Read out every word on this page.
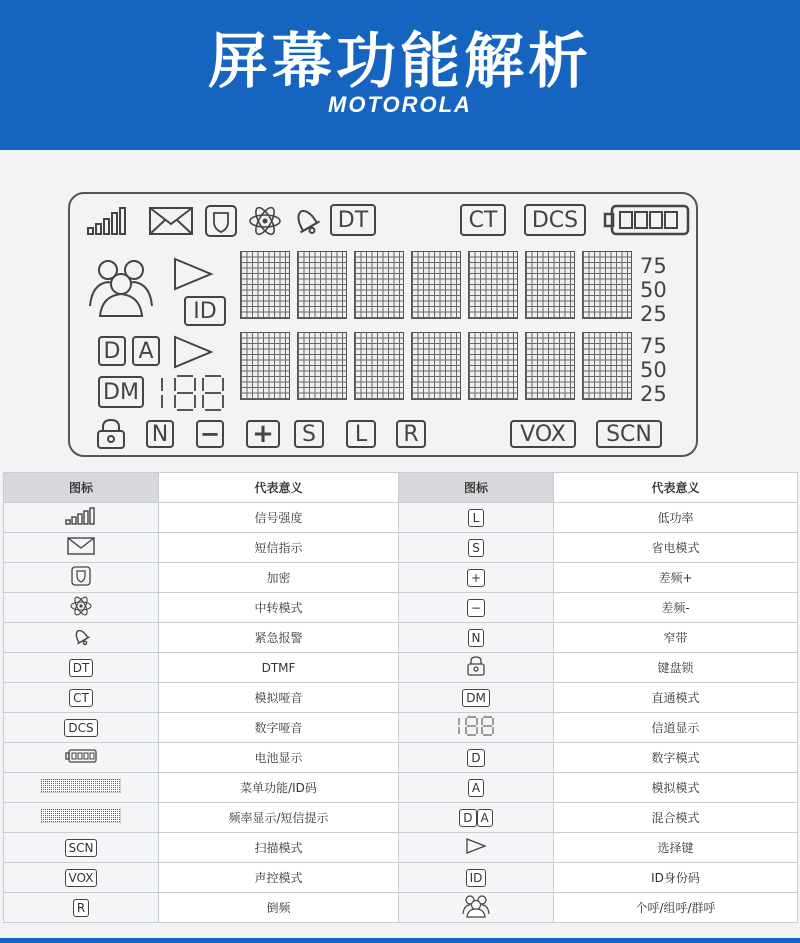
屏幕功能解析
MOTOROLA
DT	CT	DCS
ID
D A
DM
75
50
25
75
50
25
N − +	S	L	R	VOX	SCN
图标	代表意义	图标	代表意义
	信号强度	L	低功率
	短信指示	S	省电模式
	加密	+	差频+
	中转模式	−	差频-
	紧急报警	N	窄带
DT	DTMF		键盘锁
CT	模拟哑音	DM	直通模式
DCS	数字哑音		信道显示
	电池显示	D	数字模式
	菜单功能/ID码	A	模拟模式
	频率显示/短信提示	D A	混合模式
SCN	扫描模式		选择键
VOX	声控模式	ID	ID身份码
R	倒频		个呼/组呼/群呼
